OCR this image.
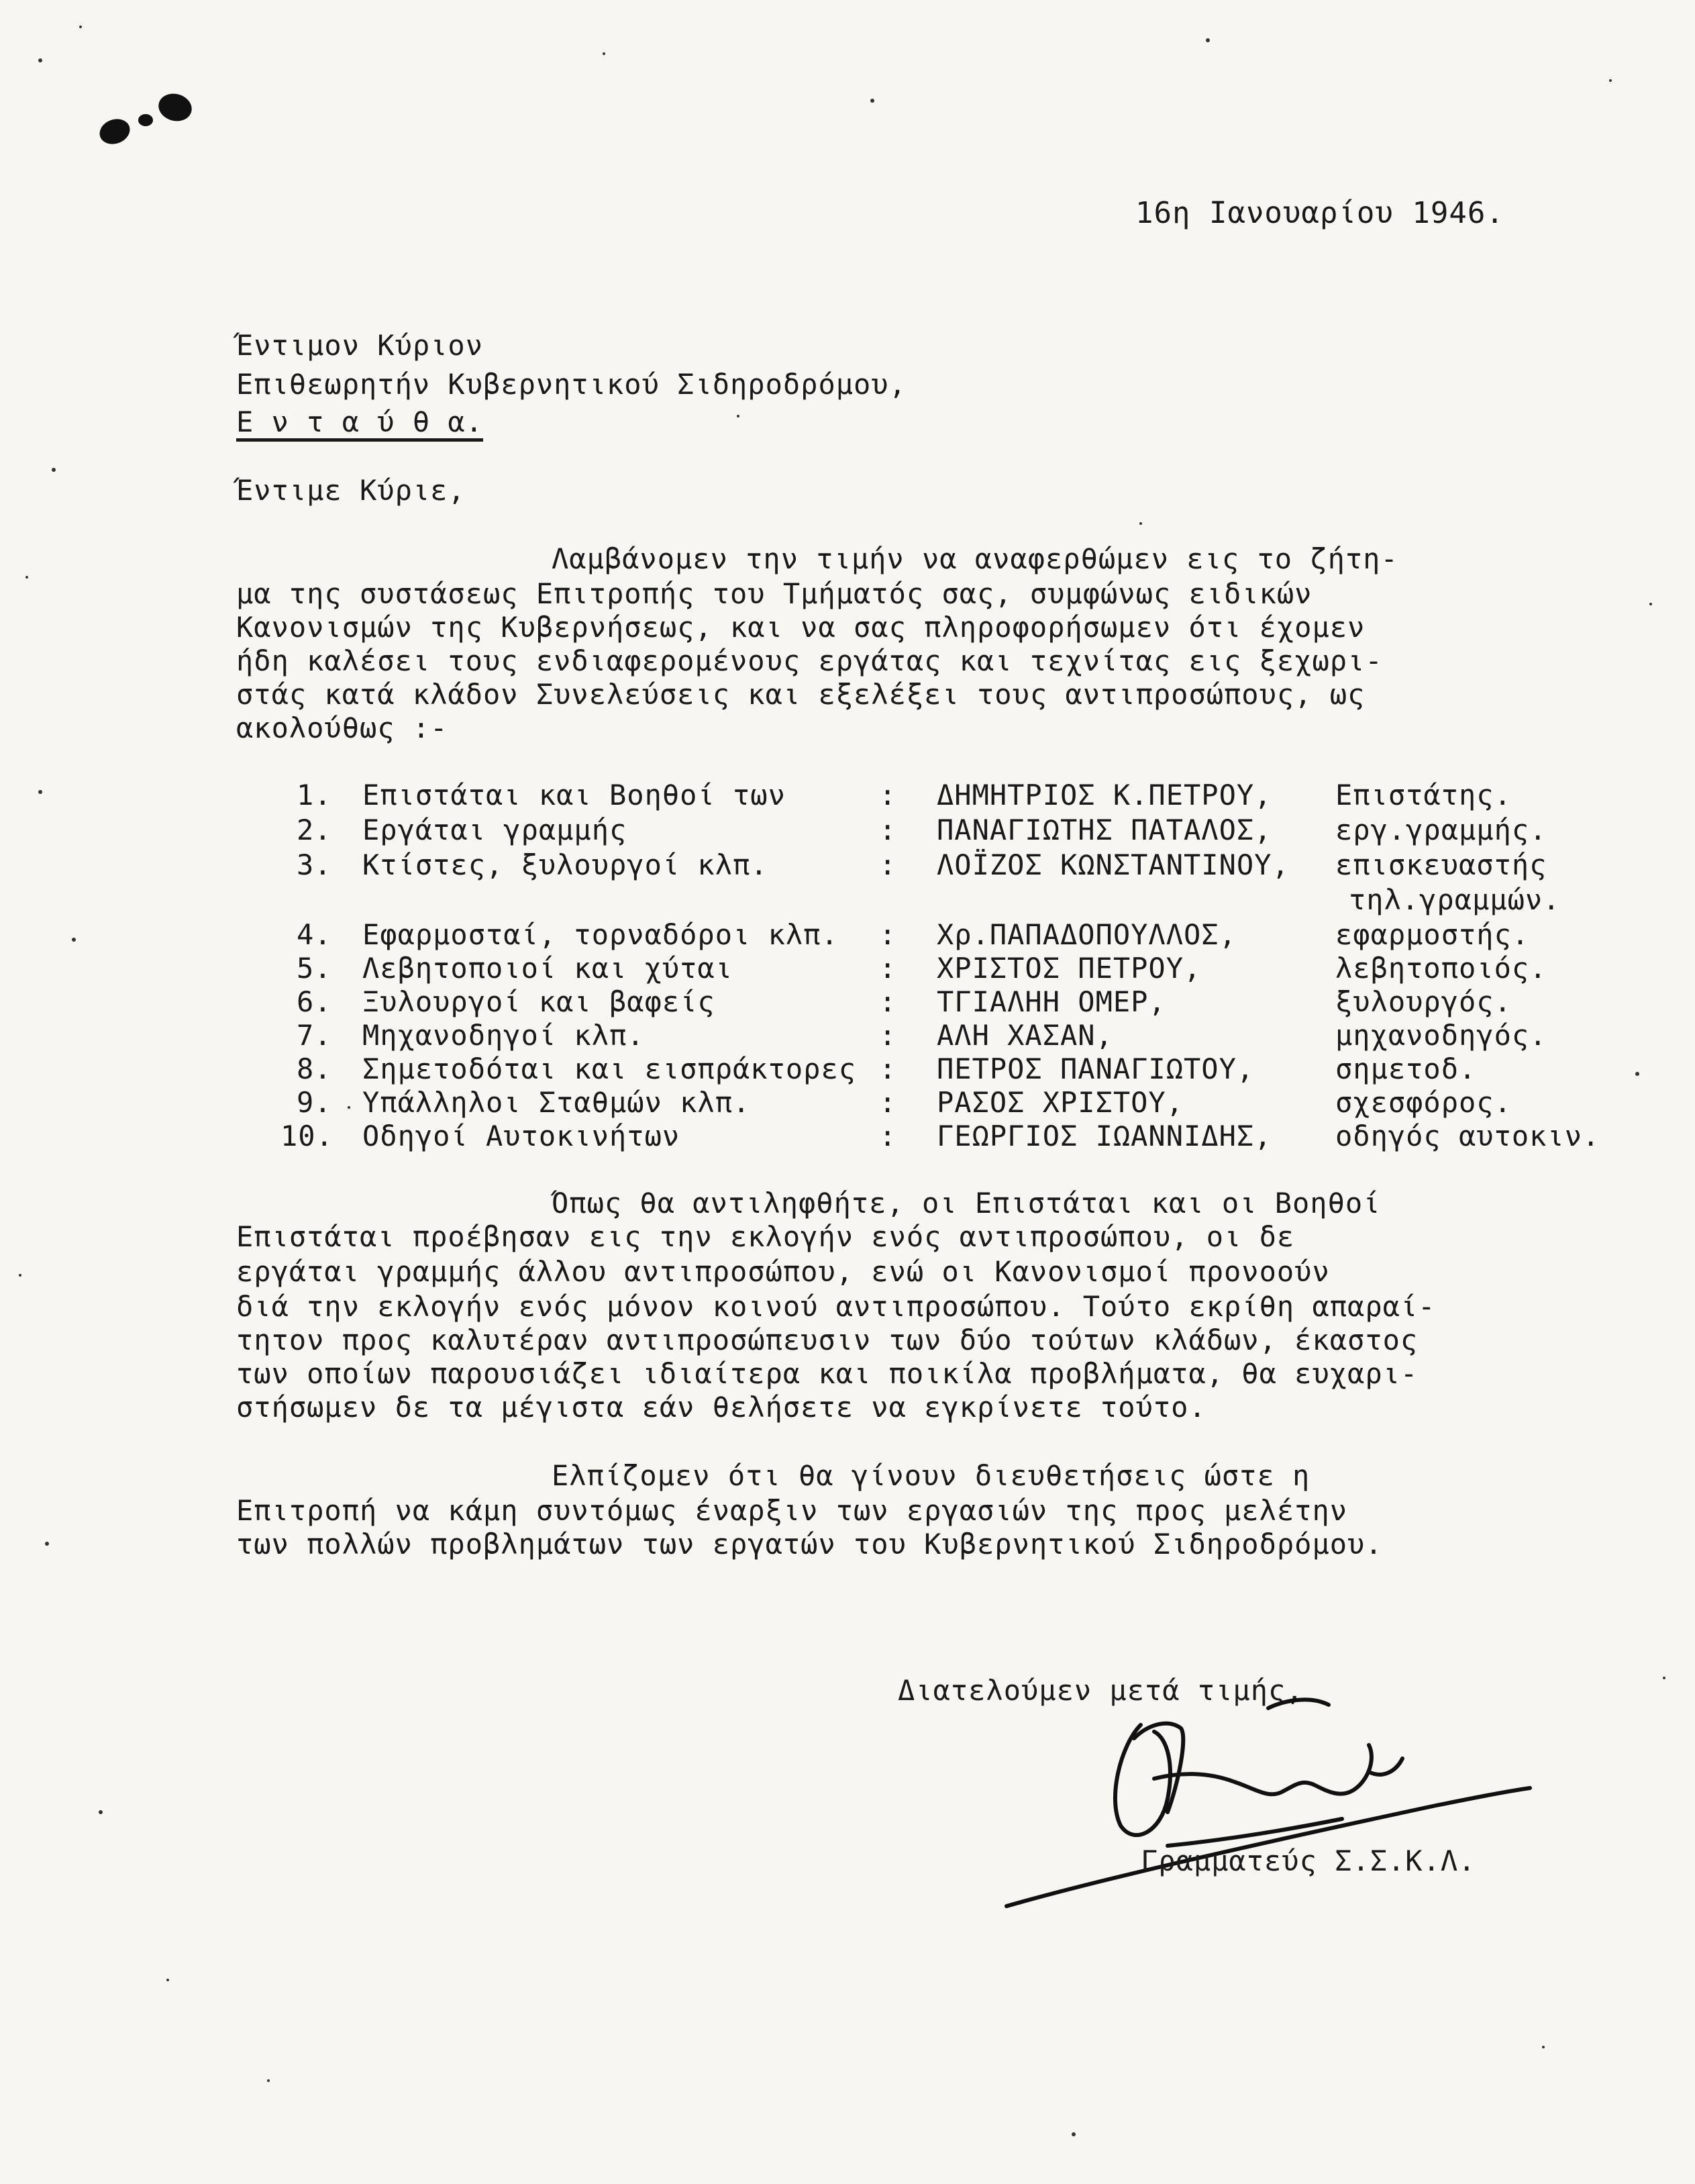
16η Ιανουαρίου 1946.
Έντιμον Κύριον
Επιθεωρητήν Κυβερνητικού Σιδηροδρόμου,
Ε ν τ α ύ θ α.
Έντιμε Κύριε,
Λαμβάνομεν την τιμήν να αναφερθώμεν εις το ζήτη-
μα της συστάσεως Επιτροπής του Τμήματός σας, συμφώνως ειδικών
Κανονισμών της Κυβερνήσεως, και να σας πληροφορήσωμεν ότι έχομεν
ήδη καλέσει τους ενδιαφερομένους εργάτας και τεχνίτας εις ξεχωρι-
στάς κατά κλάδον Συνελεύσεις και εξελέξει τους αντιπροσώπους, ως
ακολούθως :-
1. Επιστάται και Βοηθοί των	: ΔΗΜΗΤΡΙΟΣ Κ.ΠΕΤΡΟΥ, Επιστάτης.
2. Εργάται γραμμής	: ΠΑΝΑΓΙΩΤΗΣ ΠΑΤΑΛΟΣ, εργ.γραμμής.
3. Κτίστες, ξυλουργοί κλπ.	: ΛΟΪΖΟΣ ΚΩΝΣΤΑΝΤΙΝΟΥ, επισκευαστής
τηλ.γραμμών.
4. Εφαρμοσταί, τορναδόροι κλπ. : Χρ.ΠΑΠΑΔΟΠΟΥΛΛΟΣ,	εφαρμοστής.
5. Λεβητοποιοί και χύται	: ΧΡΙΣΤΟΣ ΠΕΤΡΟΥ,	λεβητοποιός.
6. Ξυλουργοί και βαφείς	: ΤΓΙΑΛΗΗ ΟΜΕΡ,	ξυλουργός.
7. Μηχανοδηγοί κλπ.	: ΑΛΗ ΧΑΣΑΝ,	μηχανοδηγός.
8. Σημετοδόται και εισπράκτορες : ΠΕΤΡΟΣ ΠΑΝΑΓΙΩΤΟΥ,	σημετοδ.
9. Υπάλληλοι Σταθμών κλπ.	: ΡΑΣΟΣ ΧΡΙΣΤΟΥ,	σχεσφόρος.
10. Οδηγοί Αυτοκινήτων	: ΓΕΩΡΓΙΟΣ ΙΩΑΝΝΙΔΗΣ, οδηγός αυτοκιν.
Όπως θα αντιληφθήτε, οι Επιστάται και οι Βοηθοί
Επιστάται προέβησαν εις την εκλογήν ενός αντιπροσώπου, οι δε
εργάται γραμμής άλλου αντιπροσώπου, ενώ οι Κανονισμοί προνοούν
διά την εκλογήν ενός μόνον κοινού αντιπροσώπου. Τούτο εκρίθη απαραί-
τητον προς καλυτέραν αντιπροσώπευσιν των δύο τούτων κλάδων, έκαστος
των οποίων παρουσιάζει ιδιαίτερα και ποικίλα προβλήματα, θα ευχαρι-
στήσωμεν δε τα μέγιστα εάν θελήσετε να εγκρίνετε τούτο.
Ελπίζομεν ότι θα γίνουν διευθετήσεις ώστε η
Επιτροπή να κάμη συντόμως έναρξιν των εργασιών της προς μελέτην
των πολλών προβλημάτων των εργατών του Κυβερνητικού Σιδηροδρόμου.
Διατελούμεν μετά τιμής,
Γραμματεύς Σ.Σ.Κ.Λ.
